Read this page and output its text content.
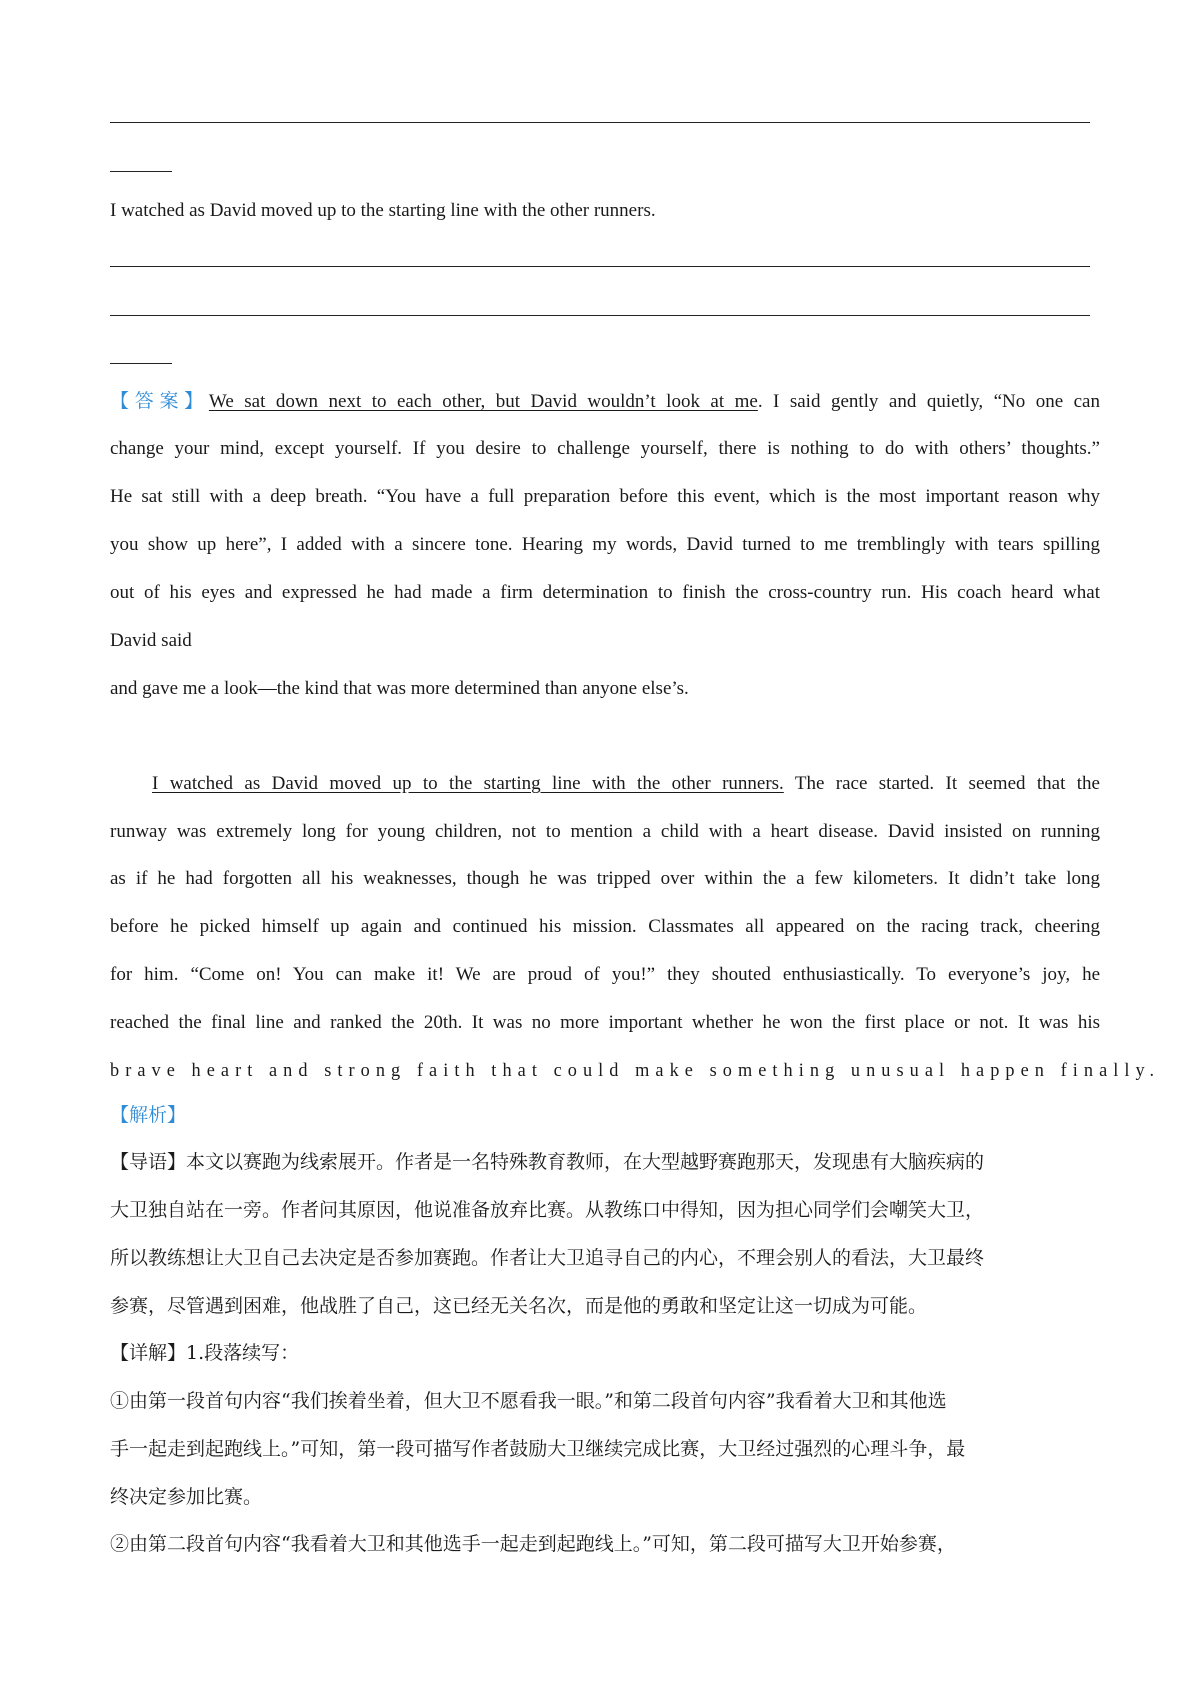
I watched as David moved up to the starting line with the other runners.
【答案】We sat down next to each other, but David wouldn’t look at me. I said gently and quietly, “No one can
change your mind, except yourself. If you desire to challenge yourself, there is nothing to do with others’ thoughts.”
He sat still with a deep breath. “You have a full preparation before this event, which is the most important reason why
you show up here”, I added with a sincere tone. Hearing my words, David turned to me tremblingly with tears spilling
out of his eyes and expressed he had made a firm determination to finish the cross-country run. His coach heard what
David said
and gave me a look—the kind that was more determined than anyone else’s.
I watched as David moved up to the starting line with the other runners. The race started. It seemed that the
runway was extremely long for young children, not to mention a child with a heart disease. David insisted on running
as if he had forgotten all his weaknesses, though he was tripped over within the a few kilometers. It didn’t take long
before he picked himself up again and continued his mission. Classmates all appeared on the racing track, cheering
for him. “Come on! You can make it! We are proud of you!” they shouted enthusiastically. To everyone’s joy, he
reached the final line and ranked the 20th. It was no more important whether he won the first place or not. It was his
brave heart and strong faith that could make something unusual happen finally.
【解析】
【导语】本文以赛跑为线索展开。作者是一名特殊教育教师，在大型越野赛跑那天，发现患有大脑疾病的
大卫独自站在一旁。作者问其原因，他说准备放弃比赛。从教练口中得知，因为担心同学们会嘲笑大卫，
所以教练想让大卫自己去决定是否参加赛跑。作者让大卫追寻自己的内心，不理会别人的看法，大卫最终
参赛，尽管遇到困难，他战胜了自己，这已经无关名次，而是他的勇敢和坚定让这一切成为可能。
【详解】1.段落续写：
①由第一段首句内容“我们挨着坐着，但大卫不愿看我一眼。”和第二段首句内容”我看着大卫和其他选
手一起走到起跑线上。”可知，第一段可描写作者鼓励大卫继续完成比赛，大卫经过强烈的心理斗争，最
终决定参加比赛。
②由第二段首句内容“我看着大卫和其他选手一起走到起跑线上。”可知，第二段可描写大卫开始参赛，
